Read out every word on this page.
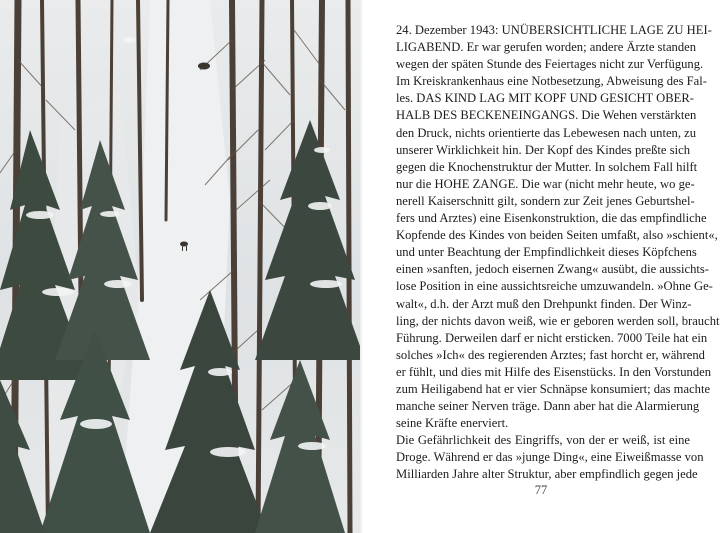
24. Dezember 1943: UNÜBERSICHTLICHE LAGE ZU HEI-
LIGABEND. Er war gerufen worden; andere Ärzte standen
wegen der späten Stunde des Feiertages nicht zur Verfügung.
Im Kreiskrankenhaus eine Notbesetzung, Abweisung des Fal-
les. DAS KIND LAG MIT KOPF UND GESICHT OBER-
HALB DES BECKENEINGANGS. Die Wehen verstärkten
den Druck, nichts orientierte das Lebewesen nach unten, zu
unserer Wirklichkeit hin. Der Kopf des Kindes preßte sich
gegen die Knochenstruktur der Mutter. In solchem Fall hilft
nur die HOHE ZANGE. Die war (nicht mehr heute, wo ge-
nerell Kaiserschnitt gilt, sondern zur Zeit jenes Geburtshel-
fers und Arztes) eine Eisenkonstruktion, die das empfindliche
Kopfende des Kindes von beiden Seiten umfaßt, also »schient«,
und unter Beachtung der Empfindlichkeit dieses Köpfchens
einen »sanften, jedoch eisernen Zwang« ausübt, die aussichts-
lose Position in eine aussichtsreiche umzuwandeln. »Ohne Ge-
walt«, d.h. der Arzt muß den Drehpunkt finden. Der Winz-
ling, der nichts davon weiß, wie er geboren werden soll, braucht
Führung. Derweilen darf er nicht ersticken. 7000 Teile hat ein
solches »Ich« des regierenden Arztes; fast horcht er, während
er fühlt, und dies mit Hilfe des Eisenstücks. In den Vorstunden
zum Heiligabend hat er vier Schnäpse konsumiert; das machte
manche seiner Nerven träge. Dann aber hat die Alarmierung
seine Kräfte enerviert.
Die Gefährlichkeit des Eingriffs, von der er weiß, ist eine
Droge. Während er das »junge Ding«, eine Eiweißmasse von
Milliarden Jahre alter Struktur, aber empfindlich gegen jede
77
